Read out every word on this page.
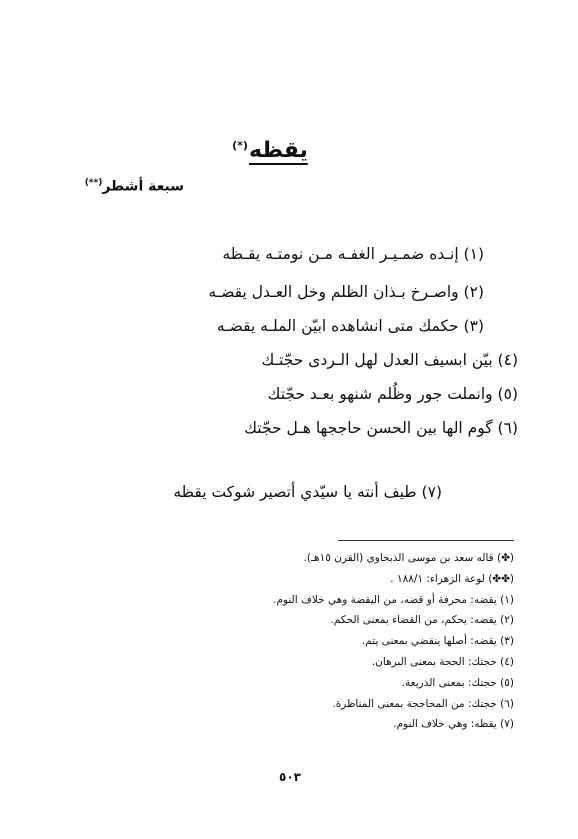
يقظه(*)
سبعة أشطر(**)
(١) إنـده ضمـيـر الغفـه مـن نومتـه يقـظه
(٢) واصـرخ بـذان الظلم وخل العـدل يقضـه
(٣) حكمك متى انشاهده ابيّن الملـه يقضـه
(٤) بيّن ابسيف العدل لهل الـردى حجّتـك
(٥) وانملت جور وظُلم شنهو بعـد حجّتك
(٦) گوم الها بين الحسن حاججها هـل حجّتك
(٧) طيف أنته يا سيّدي أتصير شوكت يقظه
(✤) قاله سعد بن موسى الذبحاوي (القرن ١٥هـ).
(✤✤) لوعة الزهراء: ١٨٨/١ .
(١) يقضه: محرفة أو قضه، من اليقضة وهي خلاف النوم.
(٢) يقضه: يحكم، من القضاء بمعنى الحكم.
(٣) يقضه: أصلها ينقضي بمعنى يتم.
(٤) حجتك: الحجة بمعنى البرهان.
(٥) حجتك: بمعنى الذريعة.
(٦) حجتك: من المحاججة بمعنى المناظرة.
(٧) يقظه: وهي خلاف النوم.
٥٠٣
